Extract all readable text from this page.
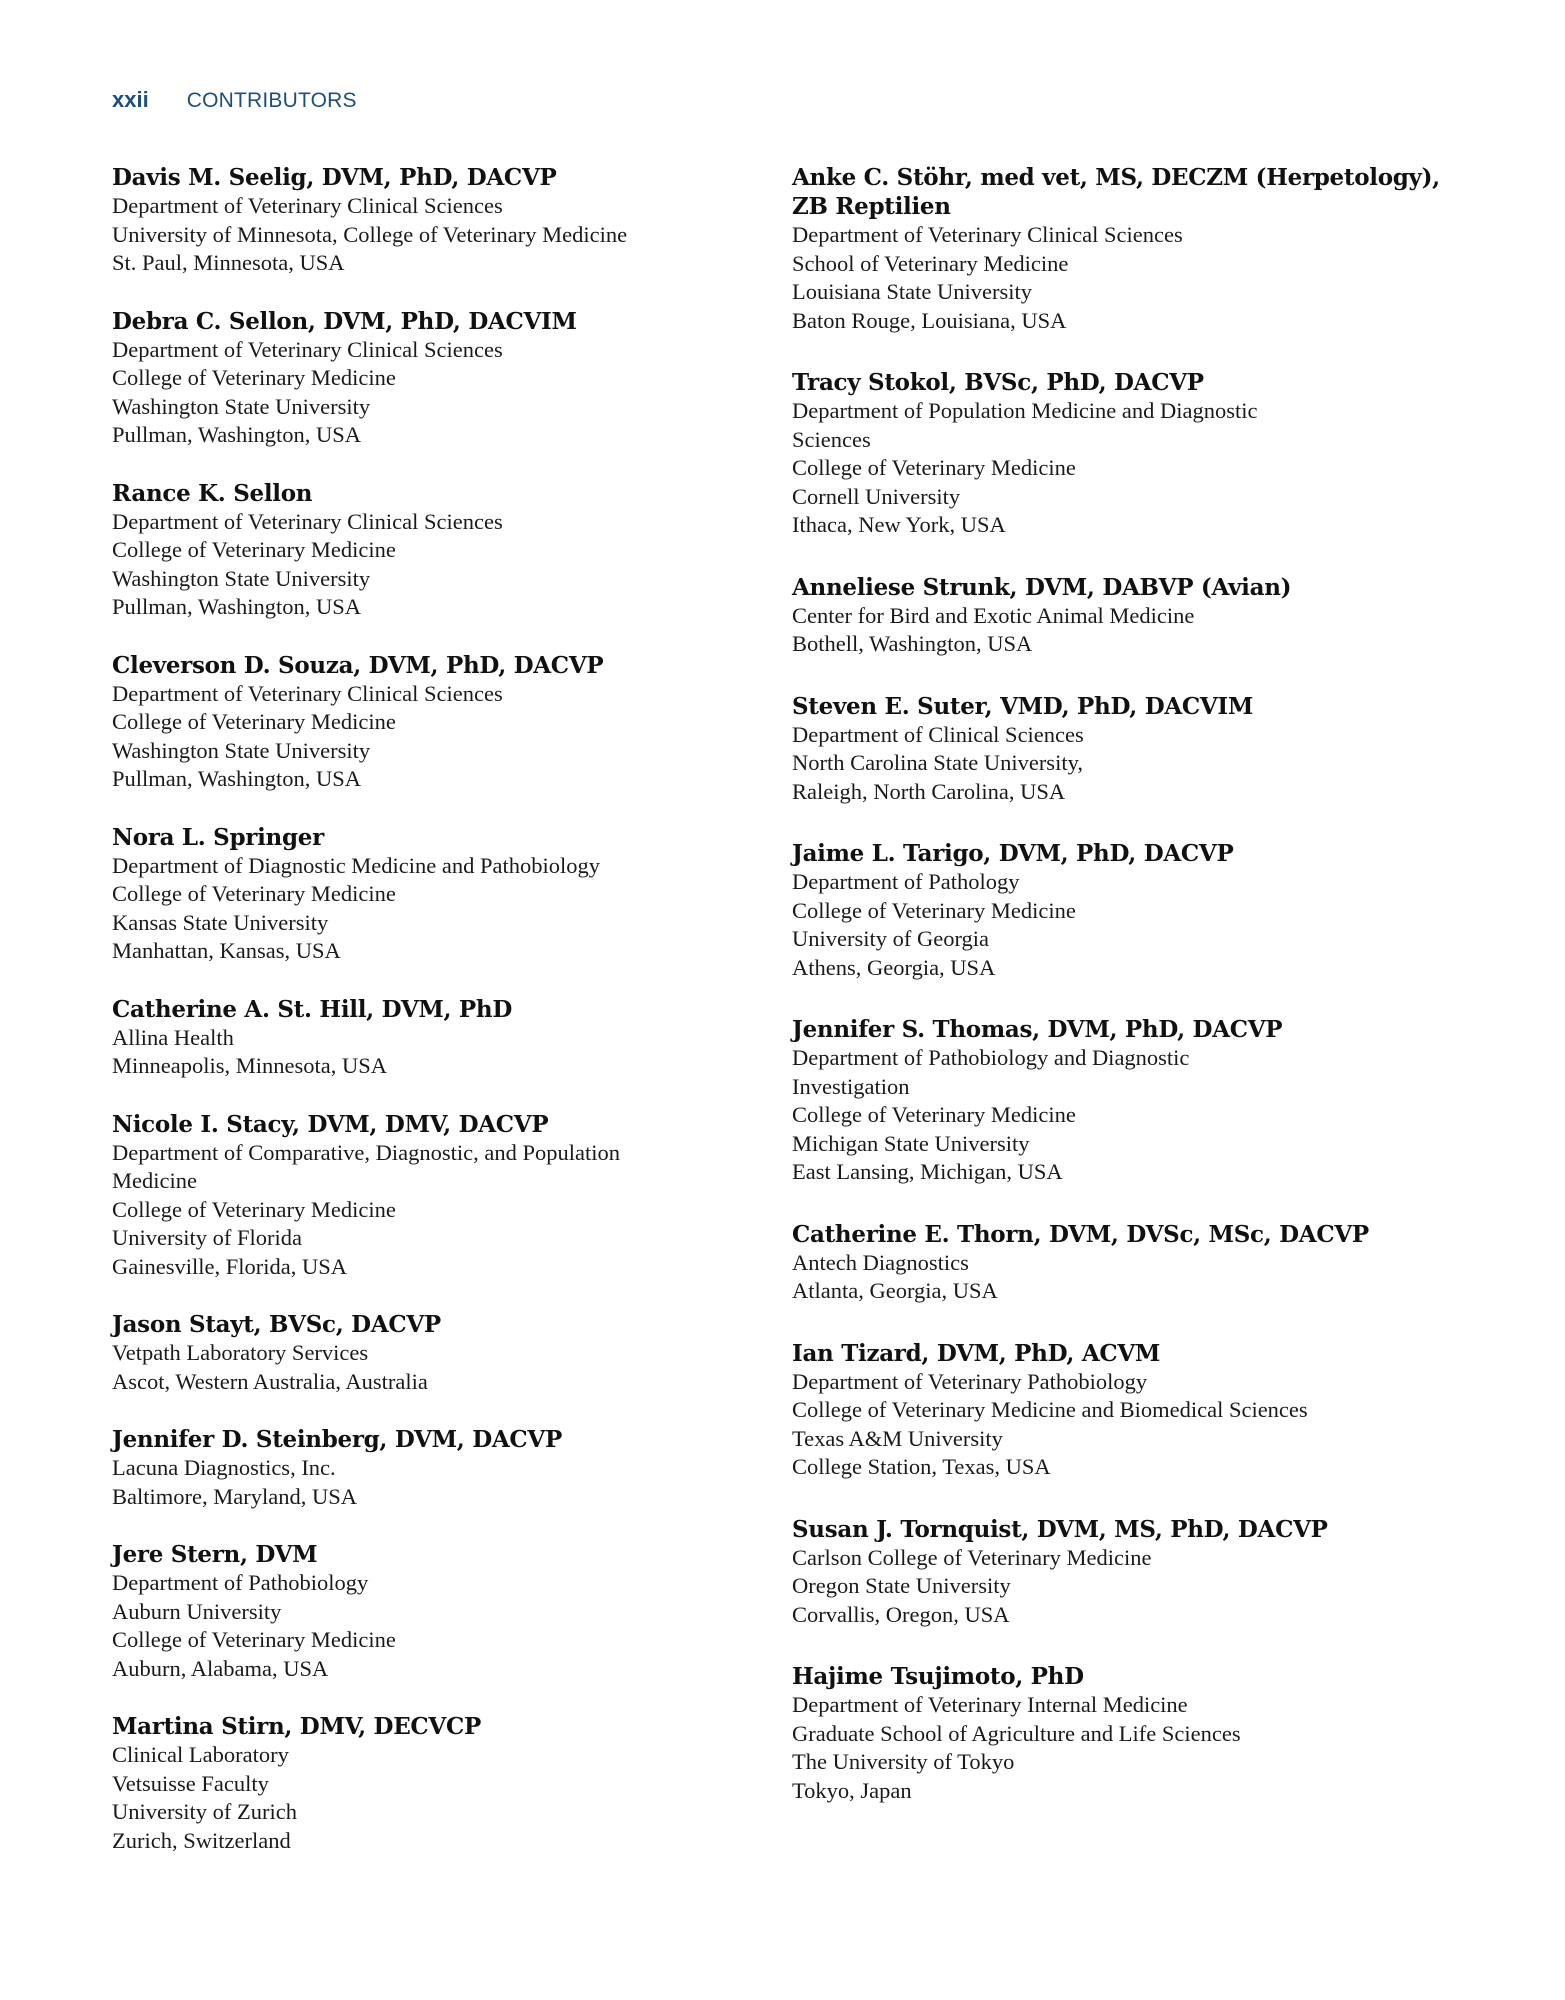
xxii CONTRIBUTORS
Davis M. Seelig, DVM, PhD, DACVP
Department of Veterinary Clinical Sciences
University of Minnesota, College of Veterinary Medicine
St. Paul, Minnesota, USA
Debra C. Sellon, DVM, PhD, DACVIM
Department of Veterinary Clinical Sciences
College of Veterinary Medicine
Washington State University
Pullman, Washington, USA
Rance K. Sellon
Department of Veterinary Clinical Sciences
College of Veterinary Medicine
Washington State University
Pullman, Washington, USA
Cleverson D. Souza, DVM, PhD, DACVP
Department of Veterinary Clinical Sciences
College of Veterinary Medicine
Washington State University
Pullman, Washington, USA
Nora L. Springer
Department of Diagnostic Medicine and Pathobiology
College of Veterinary Medicine
Kansas State University
Manhattan, Kansas, USA
Catherine A. St. Hill, DVM, PhD
Allina Health
Minneapolis, Minnesota, USA
Nicole I. Stacy, DVM, DMV, DACVP
Department of Comparative, Diagnostic, and Population
Medicine
College of Veterinary Medicine
University of Florida
Gainesville, Florida, USA
Jason Stayt, BVSc, DACVP
Vetpath Laboratory Services
Ascot, Western Australia, Australia
Jennifer D. Steinberg, DVM, DACVP
Lacuna Diagnostics, Inc.
Baltimore, Maryland, USA
Jere Stern, DVM
Department of Pathobiology
Auburn University
College of Veterinary Medicine
Auburn, Alabama, USA
Martina Stirn, DMV, DECVCP
Clinical Laboratory
Vetsuisse Faculty
University of Zurich
Zurich, Switzerland
Anke C. Stöhr, med vet, MS, DECZM (Herpetology),
ZB Reptilien
Department of Veterinary Clinical Sciences
School of Veterinary Medicine
Louisiana State University
Baton Rouge, Louisiana, USA
Tracy Stokol, BVSc, PhD, DACVP
Department of Population Medicine and Diagnostic
Sciences
College of Veterinary Medicine
Cornell University
Ithaca, New York, USA
Anneliese Strunk, DVM, DABVP (Avian)
Center for Bird and Exotic Animal Medicine
Bothell, Washington, USA
Steven E. Suter, VMD, PhD, DACVIM
Department of Clinical Sciences
North Carolina State University,
Raleigh, North Carolina, USA
Jaime L. Tarigo, DVM, PhD, DACVP
Department of Pathology
College of Veterinary Medicine
University of Georgia
Athens, Georgia, USA
Jennifer S. Thomas, DVM, PhD, DACVP
Department of Pathobiology and Diagnostic
Investigation
College of Veterinary Medicine
Michigan State University
East Lansing, Michigan, USA
Catherine E. Thorn, DVM, DVSc, MSc, DACVP
Antech Diagnostics
Atlanta, Georgia, USA
Ian Tizard, DVM, PhD, ACVM
Department of Veterinary Pathobiology
College of Veterinary Medicine and Biomedical Sciences
Texas A&M University
College Station, Texas, USA
Susan J. Tornquist, DVM, MS, PhD, DACVP
Carlson College of Veterinary Medicine
Oregon State University
Corvallis, Oregon, USA
Hajime Tsujimoto, PhD
Department of Veterinary Internal Medicine
Graduate School of Agriculture and Life Sciences
The University of Tokyo
Tokyo, Japan
